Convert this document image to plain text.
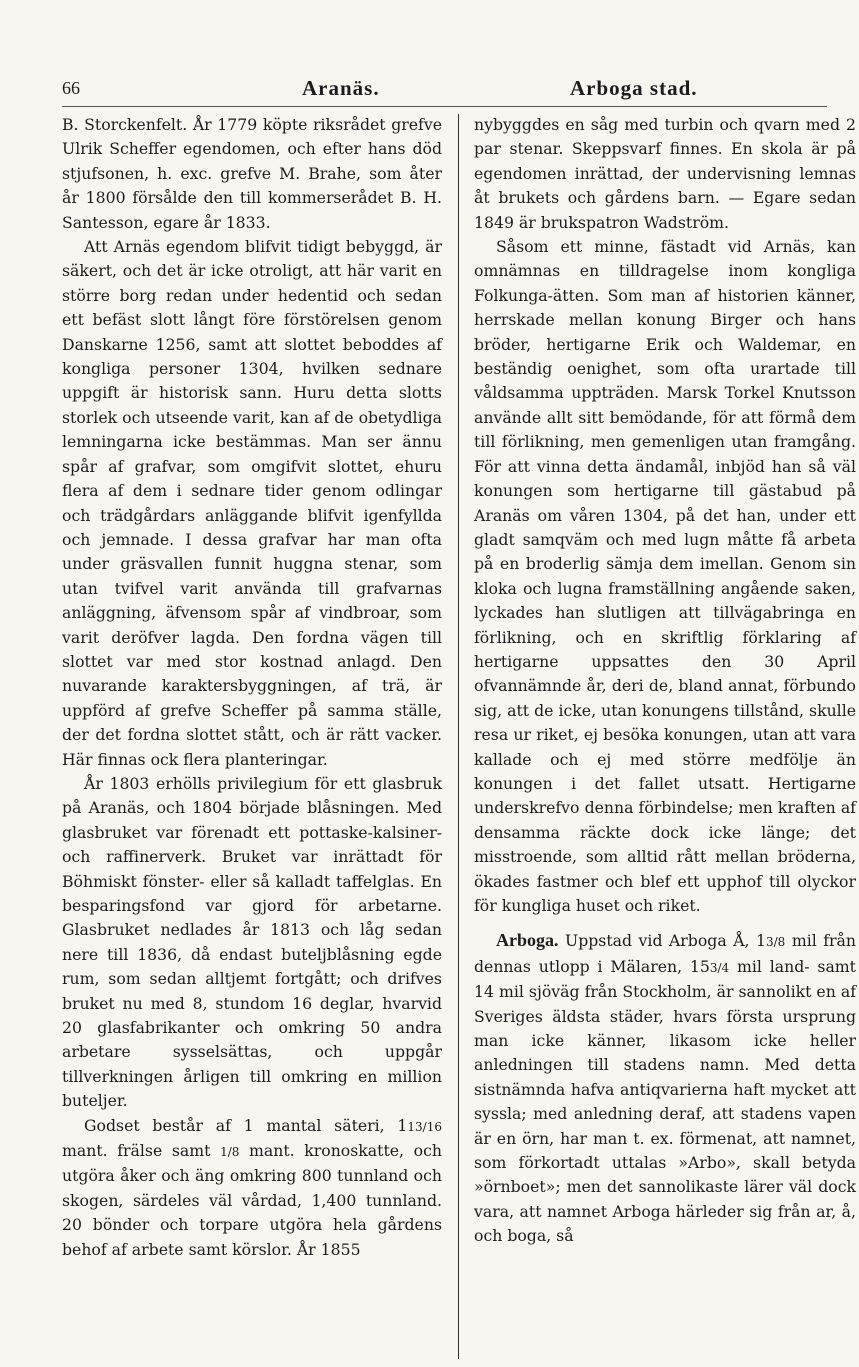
66	Aranäs.	Arboga stad.

B. Storckenfelt. År 1779 köpte riksrådet grefve Ulrik Scheffer egendomen, och efter hans död stjufsonen, h. exc. grefve M. Brahe, som åter år 1800 försålde den till kommerserådet B. H. Santesson, egare år 1833.

Att Arnäs egendom blifvit tidigt bebyggd, är säkert, och det är icke otroligt, att här varit en större borg redan under hedentid och sedan ett befäst slott långt före förstörelsen genom Danskarne 1256, samt att slottet beboddes af kongliga personer 1304, hvilken sednare uppgift är historisk sann. Huru detta slotts storlek och utseende varit, kan af de obetydliga lemningarna icke bestämmas. Man ser ännu spår af grafvar, som omgifvit slottet, ehuru flera af dem i sednare tider genom odlingar och trädgårdars anläggande blifvit igenfyllda och jemnade. I dessa grafvar har man ofta under gräsvallen funnit huggna stenar, som utan tvifvel varit använda till grafvarnas anläggning, äfvensom spår af vindbroar, som varit deröfver lagda. Den fordna vägen till slottet var med stor kostnad anlagd. Den nuvarande karaktersbyggningen, af trä, är uppförd af grefve Scheffer på samma ställe, der det fordna slottet stått, och är rätt vacker. Här finnas ock flera planteringar.

År 1803 erhölls privilegium för ett glasbruk på Aranäs, och 1804 började blåsningen. Med glasbruket var förenadt ett pottaske-kalsiner- och raffinerverk. Bruket var inrättadt för Böhmiskt fönster- eller så kalladt taffelglas. En besparingsfond var gjord för arbetarne. Glasbruket nedlades år 1813 och låg sedan nere till 1836, då endast buteljblåsning egde rum, som sedan alltjemt fortgått; och drifves bruket nu med 8, stundom 16 deglar, hvarvid 20 glasfabrikanter och omkring 50 andra arbetare sysselsättas, och uppgår tillverkningen årligen till omkring en million buteljer.

Godset består af 1 mantal säteri, 113/16 mant. frälse samt 1/8 mant. kronoskatte, och utgöra åker och äng omkring 800 tunnland och skogen, särdeles väl vårdad, 1,400 tunnland. 20 bönder och torpare utgöra hela gårdens behof af arbete samt körslor. År 1855

nybyggdes en såg med turbin och qvarn med 2 par stenar. Skeppsvarf finnes. En skola är på egendomen inrättad, der undervisning lemnas åt brukets och gårdens barn. — Egare sedan 1849 är brukspatron Wadström.

Såsom ett minne, fästadt vid Arnäs, kan omnämnas en tilldragelse inom kongliga Folkunga-ätten. Som man af historien känner, herrskade mellan konung Birger och hans bröder, hertigarne Erik och Waldemar, en beständig oenighet, som ofta urartade till våldsamma uppträden. Marsk Torkel Knutsson använde allt sitt bemödande, för att förmå dem till förlikning, men gemenligen utan framgång. För att vinna detta ändamål, inbjöd han så väl konungen som hertigarne till gästabud på Aranäs om våren 1304, på det han, under ett gladt samqväm och med lugn måtte få arbeta på en broderlig sämja dem imellan. Genom sin kloka och lugna framställning angående saken, lyckades han slutligen att tillvägabringa en förlikning, och en skriftlig förklaring af hertigarne uppsattes den 30 April ofvannämnde år, deri de, bland annat, förbundo sig, att de icke, utan konungens tillstånd, skulle resa ur riket, ej besöka konungen, utan att vara kallade och ej med större medfölje än konungen i det fallet utsatt. Hertigarne underskrefvo denna förbindelse; men kraften af densamma räckte dock icke länge; det misstroende, som alltid rått mellan bröderna, ökades fastmer och blef ett upphof till olyckor för kungliga huset och riket.

Arboga. Uppstad vid Arboga Å, 13/8 mil från dennas utlopp i Mälaren, 153/4 mil land- samt 14 mil sjöväg från Stockholm, är sannolikt en af Sveriges äldsta städer, hvars första ursprung man icke känner, likasom icke heller anledningen till stadens namn. Med detta sistnämnda hafva antiqvarierna haft mycket att syssla; med anledning deraf, att stadens vapen är en örn, har man t. ex. förmenat, att namnet, som förkortadt uttalas »Arbo», skall betyda »örnboet»; men det sannolikaste lärer väl dock vara, att namnet Arboga härleder sig från ar, å, och boga, så
